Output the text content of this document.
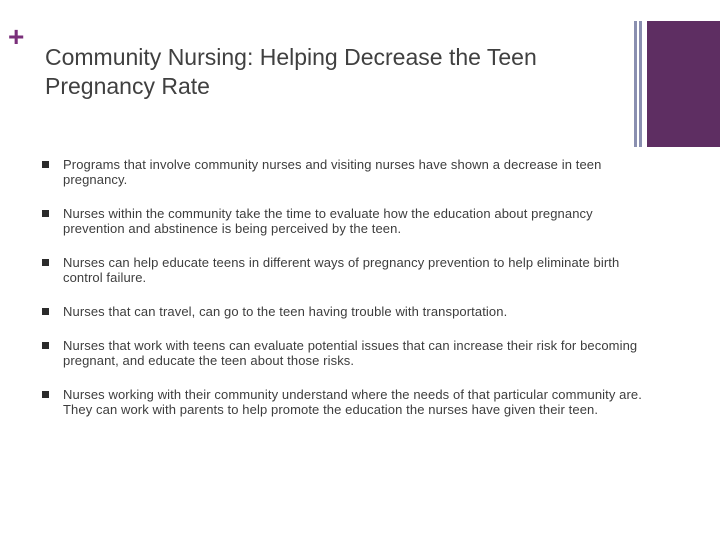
+
Community Nursing: Helping Decrease the Teen Pregnancy Rate
Programs that involve community nurses and visiting nurses have shown a decrease in teen pregnancy.
Nurses within the community take the time to evaluate how the education about pregnancy prevention and abstinence is being perceived by the teen.
Nurses can help educate teens in different ways of pregnancy prevention to help eliminate birth control failure.
Nurses that can travel, can go to the teen having trouble with transportation.
Nurses that work with teens can evaluate potential issues that can increase their risk for becoming pregnant, and educate the teen about those risks.
Nurses working with their community understand where the needs of that particular community are. They can work with parents to help promote the education the nurses have given their teen.
